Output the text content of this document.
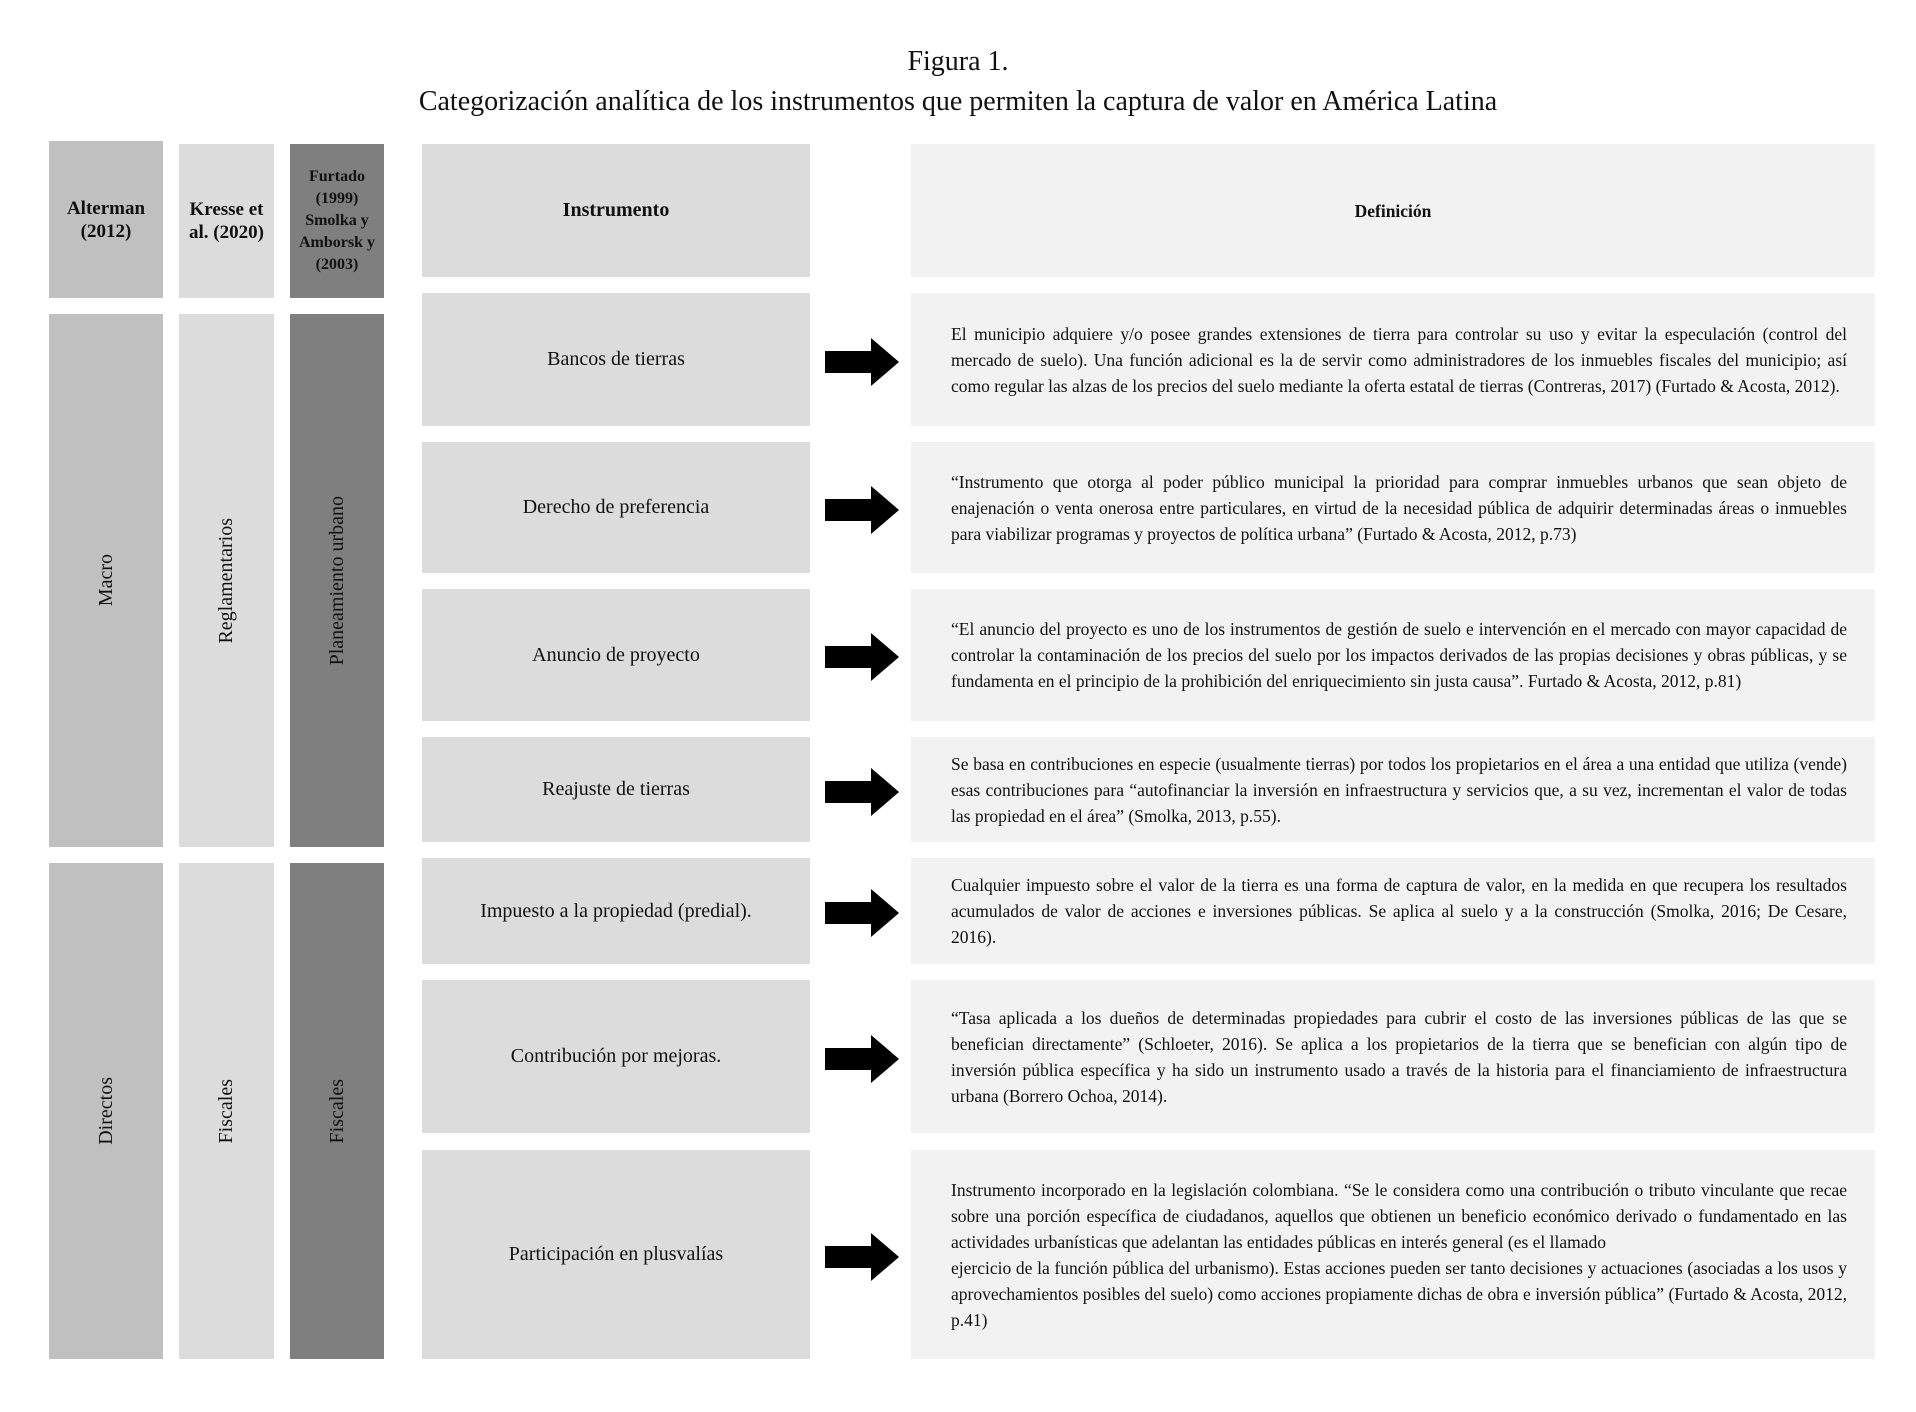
Figura 1.
Categorización analítica de los instrumentos que permiten la captura de valor en América Latina
Alterman (2012)
Kresse et al. (2020)
Furtado (1999) Smolka y Amborsk y (2003)
Instrumento	Definición
Macro
Directos
Reglamentarios
Fiscales
Planeamiento urbano
Fiscales
Bancos de tierras
El municipio adquiere y/o posee grandes extensiones de tierra para controlar su uso y evitar la especulación (control del mercado de suelo). Una función adicional es la de servir como administradores de los inmuebles fiscales del municipio; así como regular las alzas de los precios del suelo mediante la oferta estatal de tierras (Contreras, 2017) (Furtado & Acosta, 2012).
Derecho de preferencia
“Instrumento que otorga al poder público municipal la prioridad para comprar inmuebles urbanos que sean objeto de enajenación o venta onerosa entre particulares, en virtud de la necesidad pública de adquirir determinadas áreas o inmuebles para viabilizar programas y proyectos de política urbana” (Furtado & Acosta, 2012, p.73)
Anuncio de proyecto
“El anuncio del proyecto es uno de los instrumentos de gestión de suelo e intervención en el mercado con mayor capacidad de controlar la contaminación de los precios del suelo por los impactos derivados de las propias decisiones y obras públicas, y se fundamenta en el principio de la prohibición del enriquecimiento sin justa causa”. Furtado & Acosta, 2012, p.81)
Reajuste de tierras
Se basa en contribuciones en especie (usualmente tierras) por todos los propietarios en el área a una entidad que utiliza (vende) esas contribuciones para “autofinanciar la inversión en infraestructura y servicios que, a su vez, incrementan el valor de todas las propiedad en el área” (Smolka, 2013, p.55).
Impuesto a la propiedad (predial).
Cualquier impuesto sobre el valor de la tierra es una forma de captura de valor, en la medida en que recupera los resultados acumulados de valor de acciones e inversiones públicas. Se aplica al suelo y a la construcción (Smolka, 2016; De Cesare, 2016).
Contribución por mejoras.
“Tasa aplicada a los dueños de determinadas propiedades para cubrir el costo de las inversiones públicas de las que se benefician directamente” (Schloeter, 2016). Se aplica a los propietarios de la tierra que se benefician con algún tipo de inversión pública específica y ha sido un instrumento usado a través de la historia para el financiamiento de infraestructura urbana (Borrero Ochoa, 2014).
Participación en plusvalías
Instrumento incorporado en la legislación colombiana. “Se le considera como una contribución o tributo vinculante que recae sobre una porción específica de ciudadanos, aquellos que obtienen un beneficio económico derivado o fundamentado en las actividades urbanísticas que adelantan las entidades públicas en interés general (es el llamado
ejercicio de la función pública del urbanismo). Estas acciones pueden ser tanto decisiones y actuaciones (asociadas a los usos y aprovechamientos posibles del suelo) como acciones propiamente dichas de obra e inversión pública” (Furtado & Acosta, 2012, p.41)
